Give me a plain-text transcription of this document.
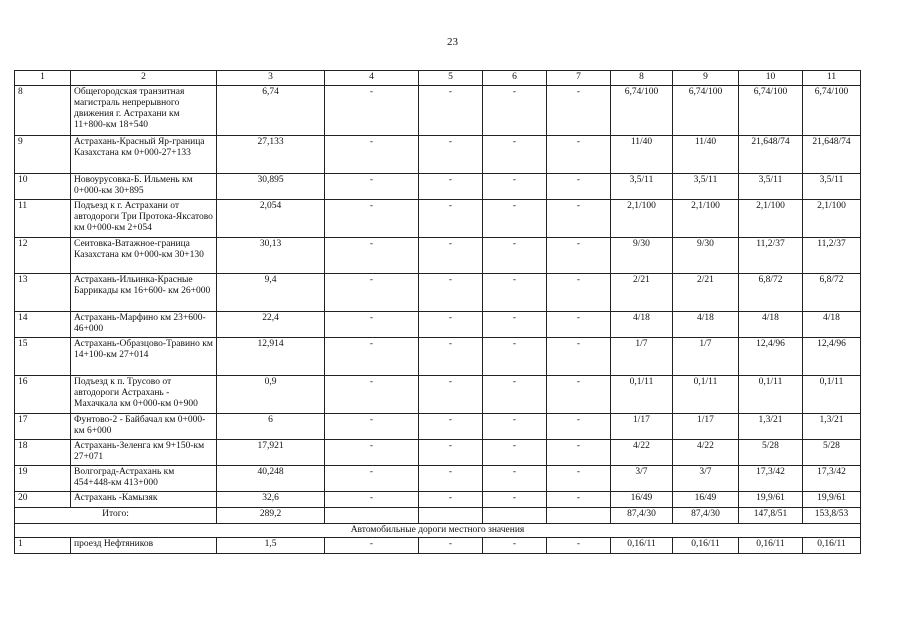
23
1	2	3	4	5	6	7	8	9	10	11
8	Общегородская транзитная магистраль непрерывного движения г. Астрахани км 11+800-км 18+540	6,74	-	-	-	-	6,74/100	6,74/100	6,74/100	6,74/100
9	Астрахань-Красный Яр-граница Казахстана км 0+000-27+133	27,133	-	-	-	-	11/40	11/40	21,648/74	21,648/74
10	Новоурусовка-Б. Ильмень км 0+000-км 30+895	30,895	-	-	-	-	3,5/11	3,5/11	3,5/11	3,5/11
11	Подъезд к г. Астрахани от автодороги Три Протока-Яксатово км 0+000-км 2+054	2,054	-	-	-	-	2,1/100	2,1/100	2,1/100	2,1/100
12	Сеитовка-Ватажное-граница Казахстана км 0+000-км 30+130	30,13	-	-	-	-	9/30	9/30	11,2/37	11,2/37
13	Астрахань-Ильинка-Красные Баррикады км 16+600- км 26+000	9,4	-	-	-	-	2/21	2/21	6,8/72	6,8/72
14	Астрахань-Марфино км 23+600-46+000	22,4	-	-	-	-	4/18	4/18	4/18	4/18
15	Астрахань-Образцово-Травино км 14+100-км 27+014	12,914	-	-	-	-	1/7	1/7	12,4/96	12,4/96
16	Подъезд к п. Трусово от автодороги Астрахань - Махачкала км 0+000-км 0+900	0,9	-	-	-	-	0,1/11	0,1/11	0,1/11	0,1/11
17	Фунтово-2 - Байбачал км 0+000-км 6+000	6	-	-	-	-	1/17	1/17	1,3/21	1,3/21
18	Астрахань-Зеленга км 9+150-км 27+071	17,921	-	-	-	-	4/22	4/22	5/28	5/28
19	Волгоград-Астрахань км 454+448-км 413+000	40,248	-	-	-	-	3/7	3/7	17,3/42	17,3/42
20	Астрахань -Камызяк	32,6	-	-	-	-	16/49	16/49	19,9/61	19,9/61
Итого:		289,2					87,4/30	87,4/30	147,8/51	153,8/53
Автомобильные дороги местного значения										
1	проезд Нефтяников	1,5	-	-	-	-	0,16/11	0,16/11	0,16/11	0,16/11
